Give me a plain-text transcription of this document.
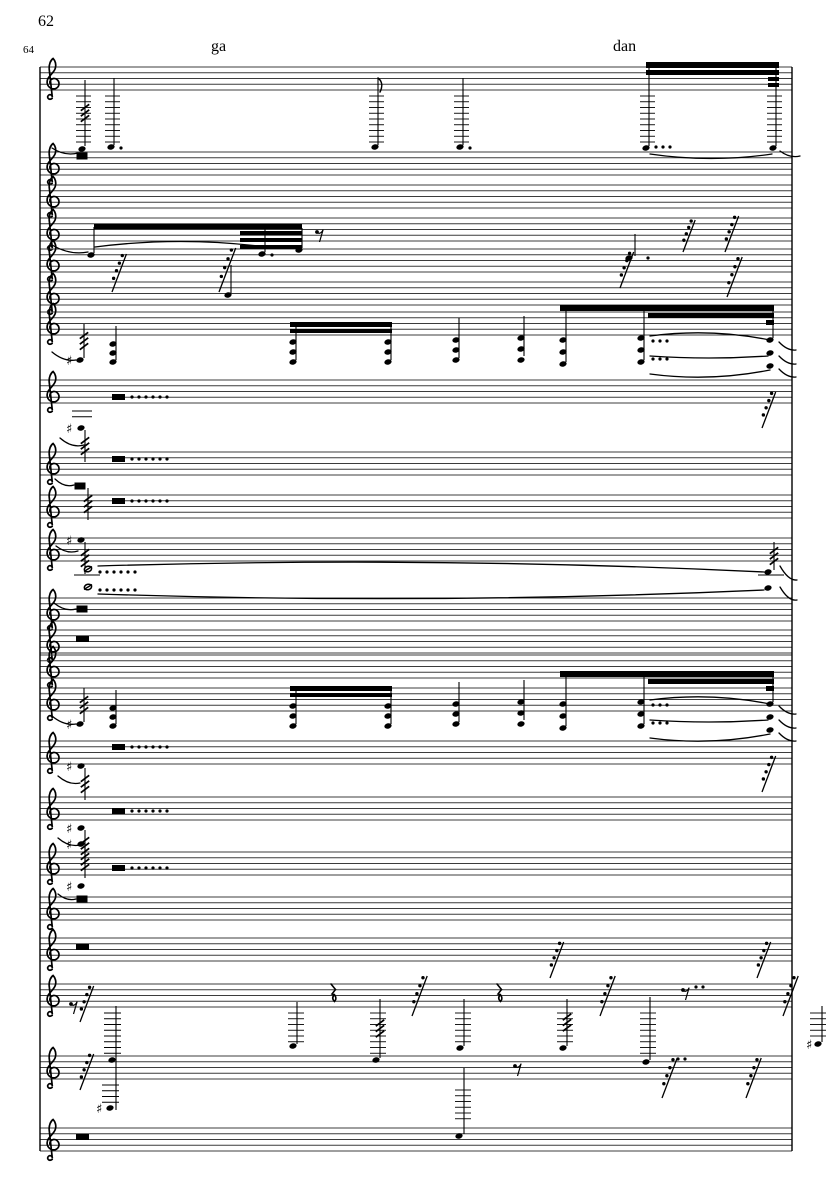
62
64	ga	dan
♯
♯
♯
♯
♯
♯
♯
♯
♯
♯
